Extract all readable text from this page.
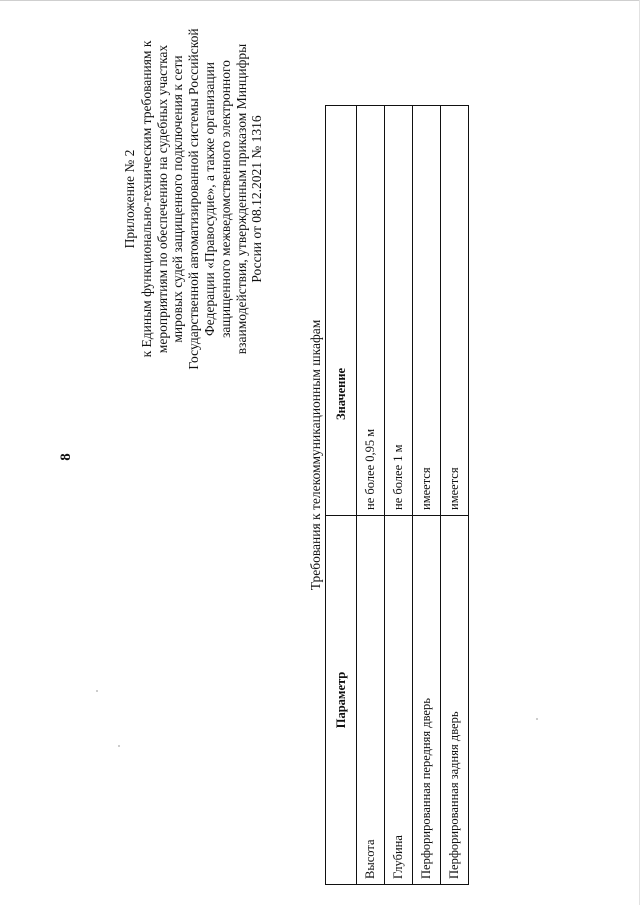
8
Приложение № 2 к Единым функционально-техническим требованиям к мероприятиям по обеспечению на судебных участках мировых судей защищенного подключения к сети Государственной автоматизированной системы Российской Федерации «Правосудие», а также организации защищенного межведомственного электронного взаимодействия, утвержденным приказом Минцифры России от 08.12.2021 № 1316
Требования к телекоммуникационным шкафам
Параметр	Значение
Высота	не более 0,95 м
Глубина	не более 1 м
Перфорированная передняя дверь	имеется
Перфорированная задняя дверь	имеется
